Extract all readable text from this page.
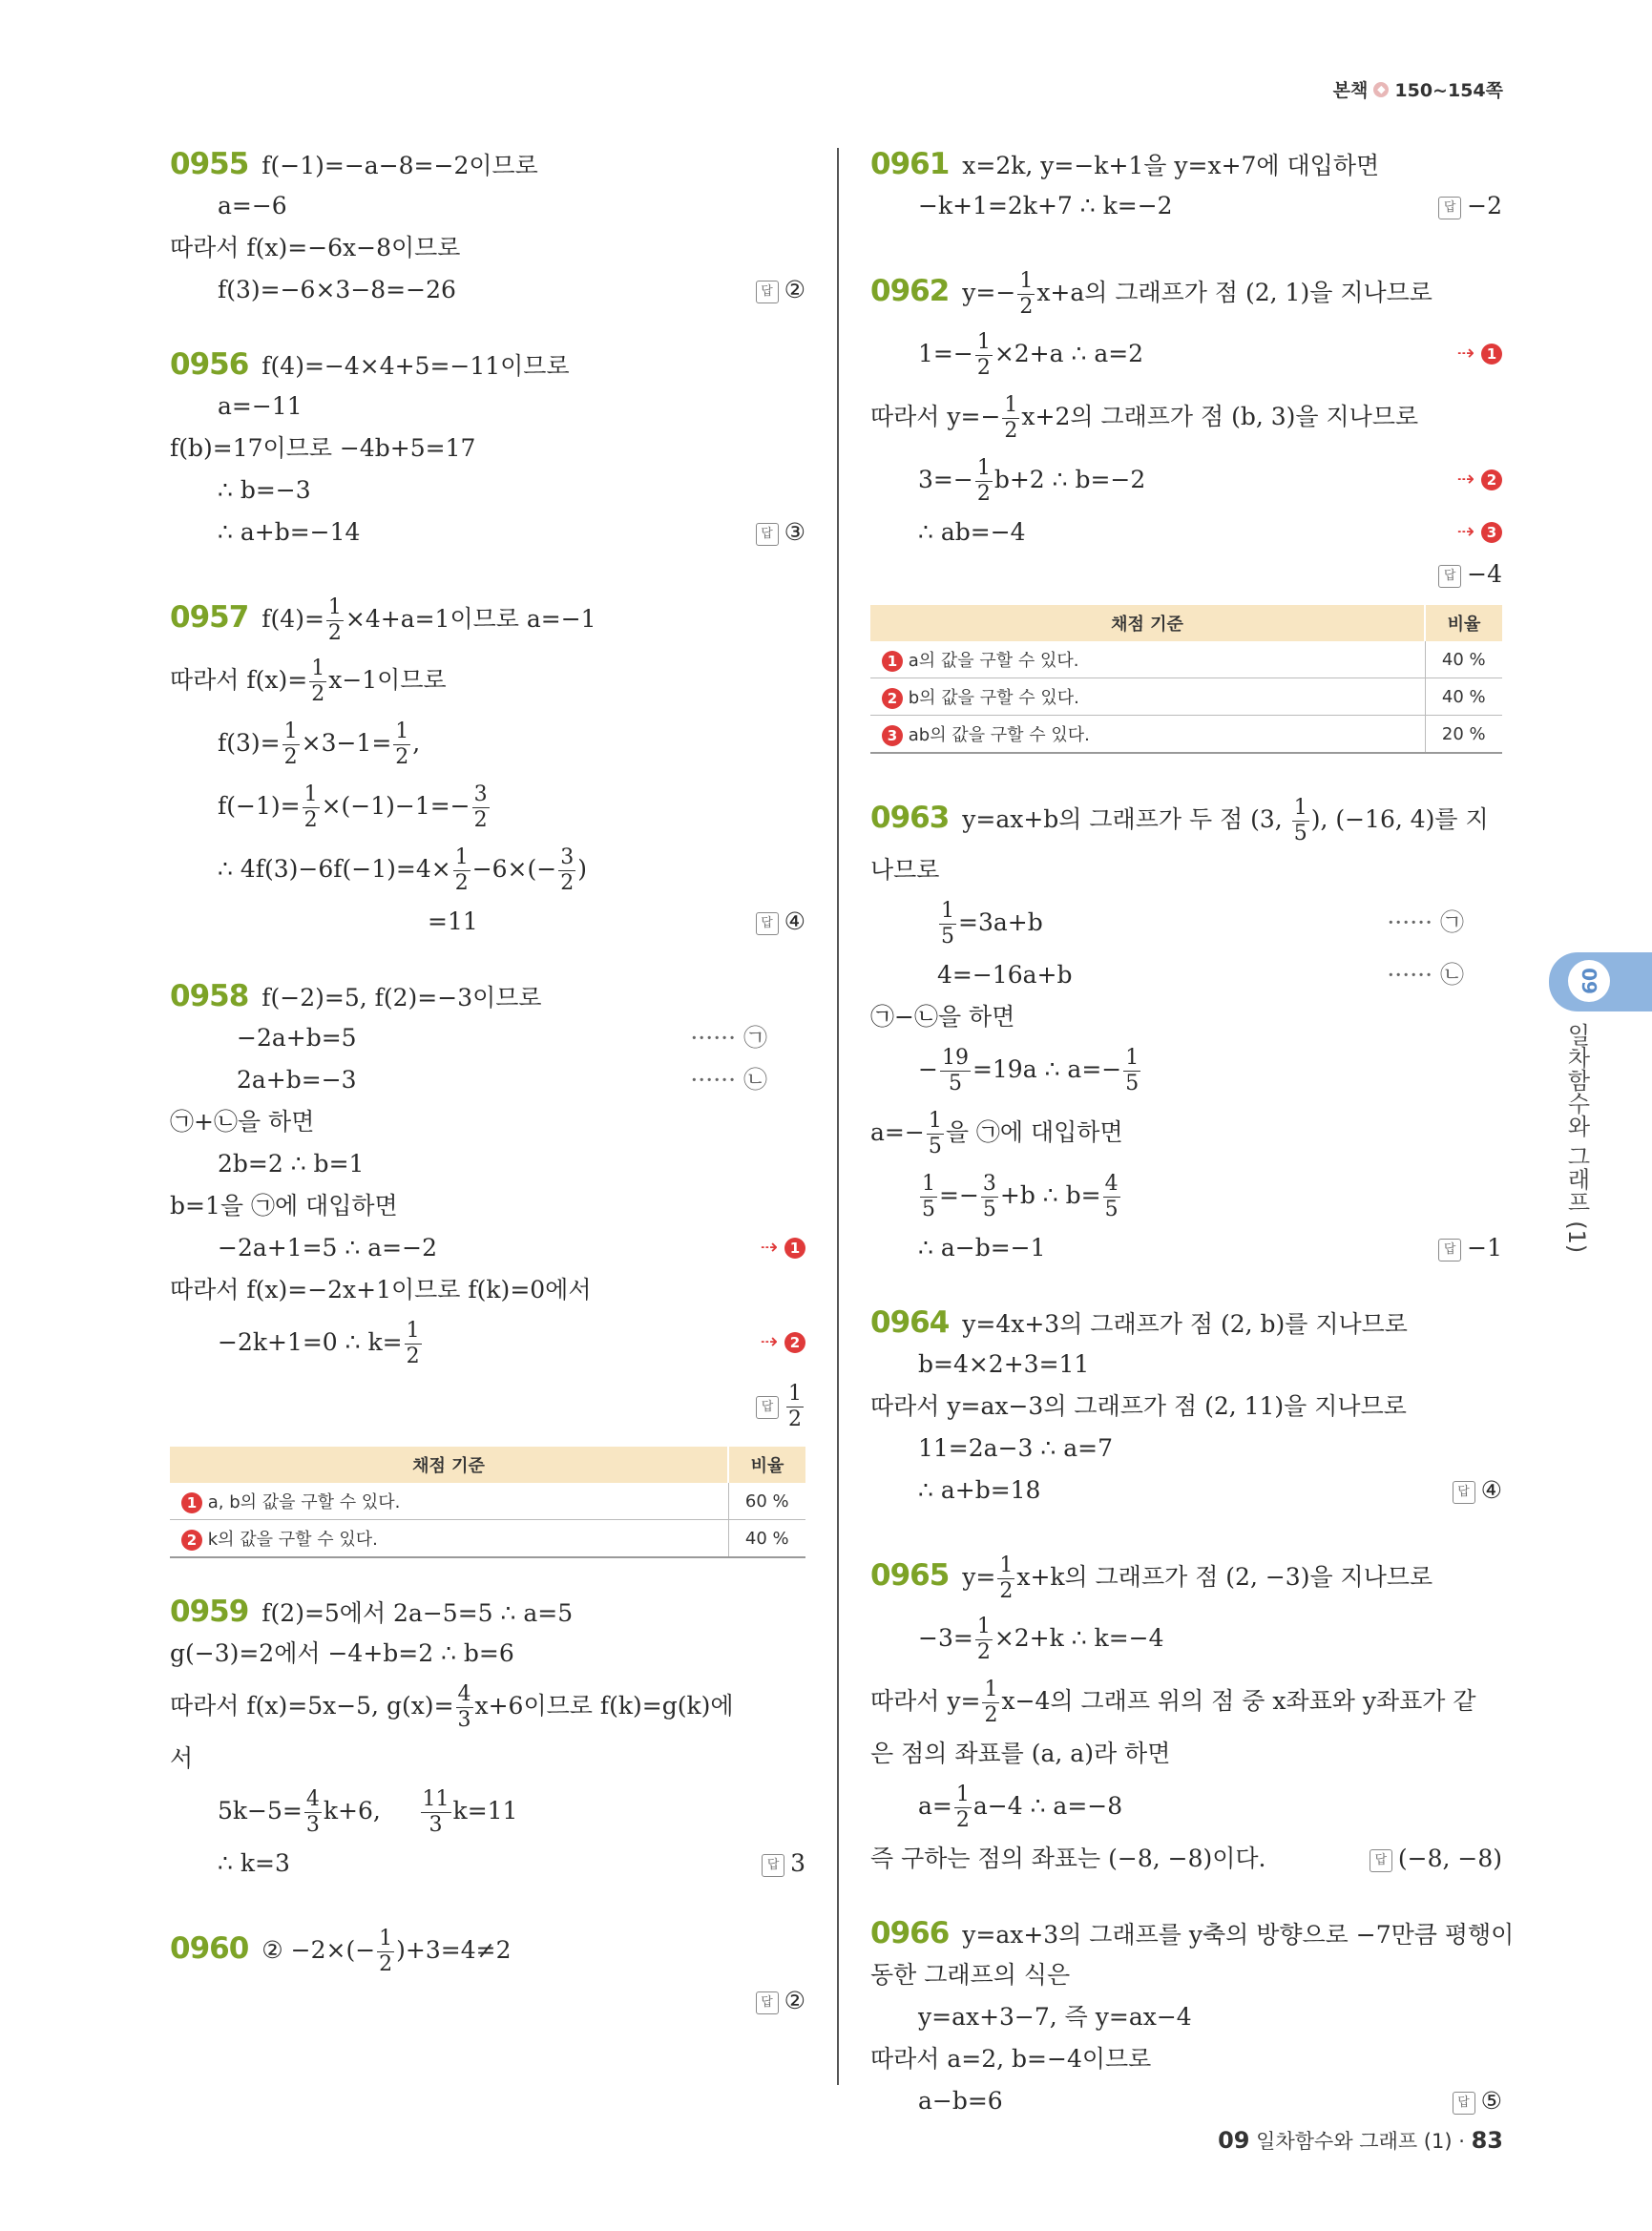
본책 ◆ 150~154쪽
0955 f(−1)=−a−8=−2이므로
a=−6
따라서 f(x)=−6x−8이므로
f(3)=−6×3−8=−26	답 ②
0956 f(4)=−4×4+5=−11이므로
a=−11
f(b)=17이므로 −4b+5=17
∴ b=−3
∴ a+b=−14	답 ③
0957 $f(4)= \frac{1}{2} \times 4+a=1$이므로 a=−1
따라서 $f(x)= \frac{1}{2} x-1$이므로
$f(3)= \frac{1}{2} \times 3-1= \frac{1}{2}$ ,
$f(-1)= \frac{1}{2} \times(-1)-1=- \frac{3}{2}$
∴ $4f(3)-6f(-1)=4\times \frac{1}{2} -6\times(- \frac{3}{2}$ )
=11	답 ④
0958 f(−2)=5, f(2)=−3이므로
−2a+b=5	······ ㉠
2a+b=−3	······ ㉡
㉠+㉡을 하면
2b=2 ∴ b=1
b=1을 ㉠에 대입하면
−2a+1=5 ∴ a=−2	⇢ 1
따라서 f(x)=−2x+1이므로 f(k)=0에서
−2k+1=0 ∴ $k= \frac{1}{2}$	⇢ 2
답 $\frac{1}{2}$
채점 기준	비율
1 a, b의 값을 구할 수 있다.	60 %
2 k의 값을 구할 수 있다.	40 %
0959 f(2)=5에서 2a−5=5 ∴ a=5
g(−3)=2에서 −4+b=2 ∴ b=6
따라서 f(x)=5x−5, $g(x)= \frac{4}{3} x+6$이므로 f(k)=g(k)에
서
$5k-5= \frac{4}{3} k+6$, $\frac{11}{3} k=11$
∴ k=3	답 3
0960 ② $-2\times(- \frac{1}{2} )+3=4\ne 2$
답 ②
0961 x=2k, y=−k+1을 y=x+7에 대입하면
−k+1=2k+7 ∴ k=−2	답 −2
0962 $y=- \frac{1}{2} x+a$의 그래프가 점 (2, 1)을 지나므로
$1=- \frac{1}{2} \times 2+a$ ∴ a=2	⇢ 1
따라서 $y=- \frac{1}{2} x+2$의 그래프가 점 (b, 3)을 지나므로
$3=- \frac{1}{2} b+2$ ∴ b=−2	⇢ 2
∴ ab=−4	⇢ 3
답 −4
채점 기준	비율
1 a의 값을 구할 수 있다.	40 %
2 b의 값을 구할 수 있다.	40 %
3 ab의 값을 구할 수 있다.	20 %
0963 y=ax+b의 그래프가 두 점 (3, $\frac{1}{5}$ ), (−16, 4)를 지
나므로
$\frac{1}{5} =3a+b$	······ ㉠
4=−16a+b	······ ㉡
㉠−㉡을 하면
− $\frac{19}{5} =19a$ ∴ $a=- \frac{1}{5}$
$a=- \frac{1}{5}$ 을 ㉠에 대입하면
$\frac{1}{5} =- \frac{3}{5} +b$ ∴ $b= \frac{4}{5}$
∴ a−b=−1	답 −1
0964 y=4x+3의 그래프가 점 (2, b)를 지나므로
b=4×2+3=11
따라서 y=ax−3의 그래프가 점 (2, 11)을 지나므로
11=2a−3 ∴ a=7
∴ a+b=18	답 ④
0965 $y= \frac{1}{2} x+k$의 그래프가 점 (2, −3)을 지나므로
$-3= \frac{1}{2} \times 2+k$ ∴ k=−4
따라서 $y= \frac{1}{2} x-4$의 그래프 위의 점 중 x좌표와 y좌표가 같
은 점의 좌표를 (a, a)라 하면
$a= \frac{1}{2} a-4$ ∴ a=−8
즉 구하는 점의 좌표는 (−8, −8)이다.	답 (−8, −8)
0966 y=ax+3의 그래프를 y축의 방향으로 −7만큼 평행이
동한 그래프의 식은
y=ax+3−7, 즉 y=ax−4
따라서 a=2, b=−4이므로
a−b=6	답 ⑤
09
일차함수와 그래프 (1)
09 일차함수와 그래프 (1) · 83
